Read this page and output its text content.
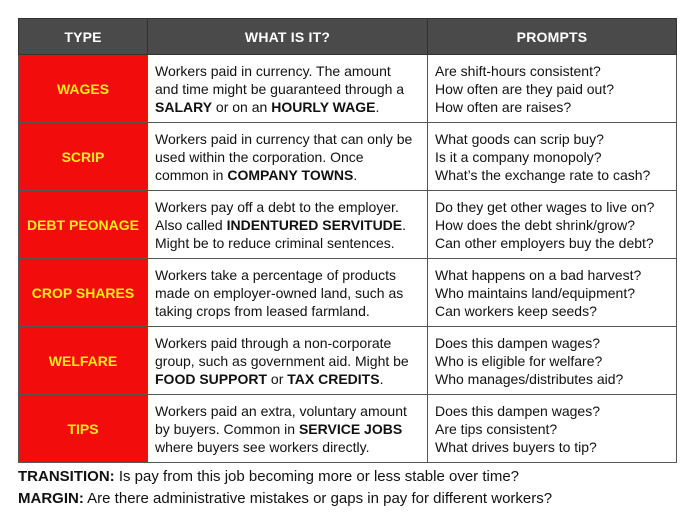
TYPE	WHAT IS IT?	PROMPTS
WAGES	Workers paid in currency. The amount
and time might be guaranteed through a
SALARY or on an HOURLY WAGE.	Are shift-hours consistent?
How often are they paid out?
How often are raises?

SCRIP	Workers paid in currency that can only be
used within the corporation. Once
common in COMPANY TOWNS.	What goods can scrip buy?
Is it a company monopoly?
What’s the exchange rate to cash?

DEBT PEONAGE	Workers pay off a debt to the employer.
Also called INDENTURED SERVITUDE.
Might be to reduce criminal sentences.	Do they get other wages to live on?
How does the debt shrink/grow?
Can other employers buy the debt?

CROP SHARES	Workers take a percentage of products
made on employer-owned land, such as
taking crops from leased farmland.	What happens on a bad harvest?
Who maintains land/equipment?
Can workers keep seeds?

WELFARE	Workers paid through a non-corporate
group, such as government aid. Might be
FOOD SUPPORT or TAX CREDITS.	Does this dampen wages?
Who is eligible for welfare?
Who manages/distributes aid?

TIPS	Workers paid an extra, voluntary amount
by buyers. Common in SERVICE JOBS
where buyers see workers directly.	Does this dampen wages?
Are tips consistent?
What drives buyers to tip?
TRANSITION: Is pay from this job becoming more or less stable over time?
MARGIN: Are there administrative mistakes or gaps in pay for different workers?
